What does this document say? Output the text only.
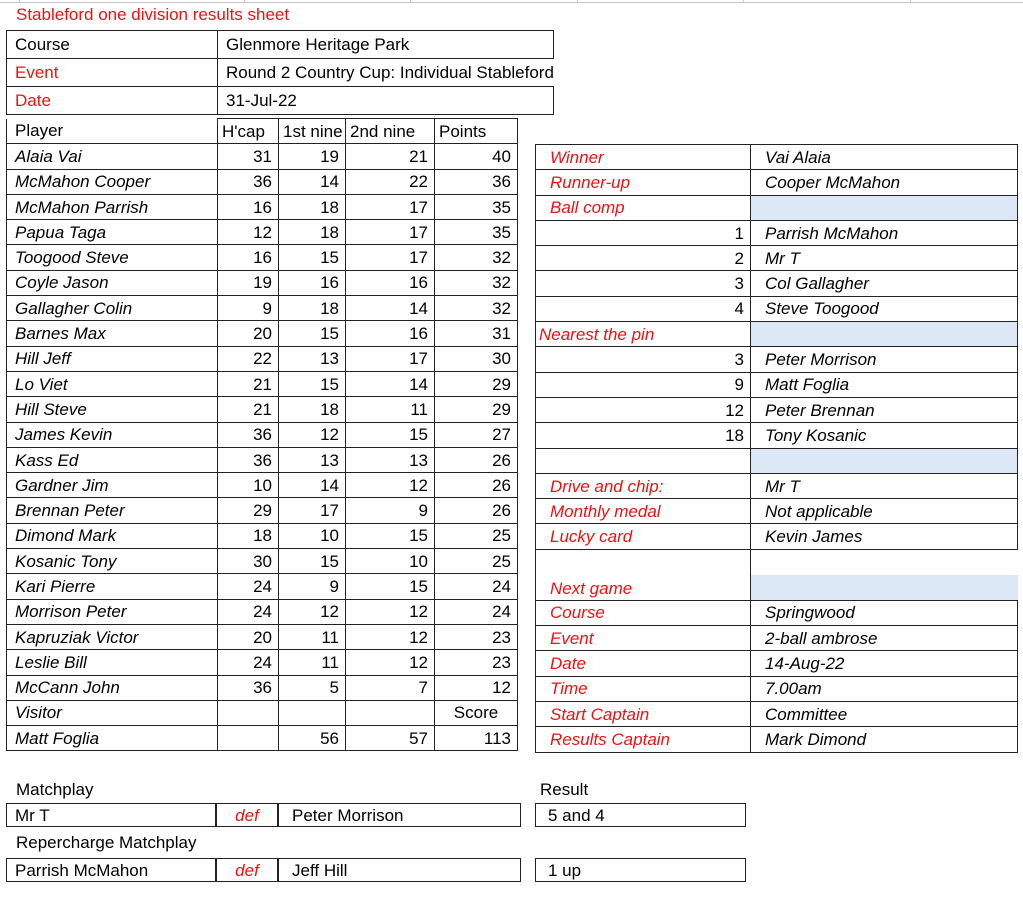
Stableford one division results sheet
Course	Glenmore Heritage Park
Event	Round 2 Country Cup: Individual Stableford
Date	31-Jul-22
Player	H'cap	1st nine	2nd nine	Points
Alaia Vai	31	19	21	40
McMahon Cooper	36	14	22	36
McMahon Parrish	16	18	17	35
Papua Taga	12	18	17	35
Toogood Steve	16	15	17	32
Coyle Jason	19	16	16	32
Gallagher Colin	9	18	14	32
Barnes Max	20	15	16	31
Hill Jeff	22	13	17	30
Lo Viet	21	15	14	29
Hill Steve	21	18	11	29
James Kevin	36	12	15	27
Kass Ed	36	13	13	26
Gardner Jim	10	14	12	26
Brennan Peter	29	17	9	26
Dimond Mark	18	10	15	25
Kosanic Tony	30	15	10	25
Kari Pierre	24	9	15	24
Morrison Peter	24	12	12	24
Kapruziak Victor	20	11	12	23
Leslie Bill	24	11	12	23
McCann John	36	5	7	12
Visitor				Score
Matt Foglia		56	57	113
Winner	Vai Alaia
Runner-up	Cooper McMahon
Ball comp	
1	Parrish McMahon
2	Mr T
3	Col Gallagher
4	Steve Toogood
Nearest the pin	
3	Peter Morrison
9	Matt Foglia
12	Peter Brennan
18	Tony Kosanic

Drive and chip:	Mr T
Monthly medal	Not applicable
Lucky card	Kevin James
Next game	

Course	Springwood
Event	2-ball ambrose
Date	14-Aug-22
Time	7.00am
Start Captain	Committee
Results Captain	Mark Dimond
Matchplay	Result
Mr T	def	Peter Morrison	5 and 4
Repercharge Matchplay
Parrish McMahon	def	Jeff Hill	1 up
